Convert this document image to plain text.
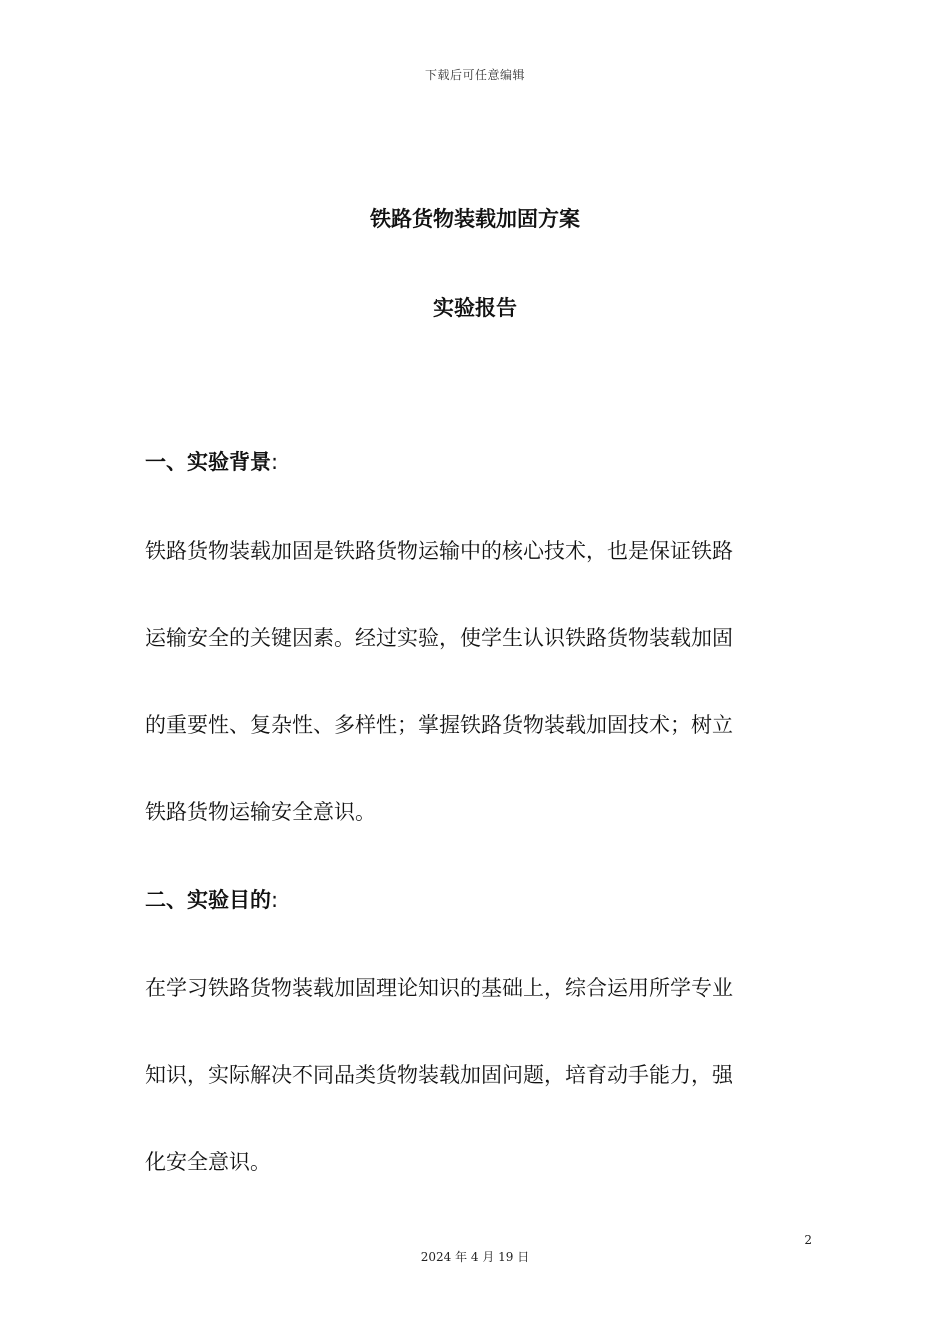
下载后可任意编辑
铁路货物装载加固方案
实验报告
一、实验背景:
铁路货物装载加固是铁路货物运输中的核心技术，也是保证铁路
运输安全的关键因素。经过实验，使学生认识铁路货物装载加固
的重要性、复杂性、多样性；掌握铁路货物装载加固技术；树立
铁路货物运输安全意识。
二、实验目的:
在学习铁路货物装载加固理论知识的基础上，综合运用所学专业
知识，实际解决不同品类货物装载加固问题，培育动手能力，强
化安全意识。
2
2024 年 4 月 19 日
